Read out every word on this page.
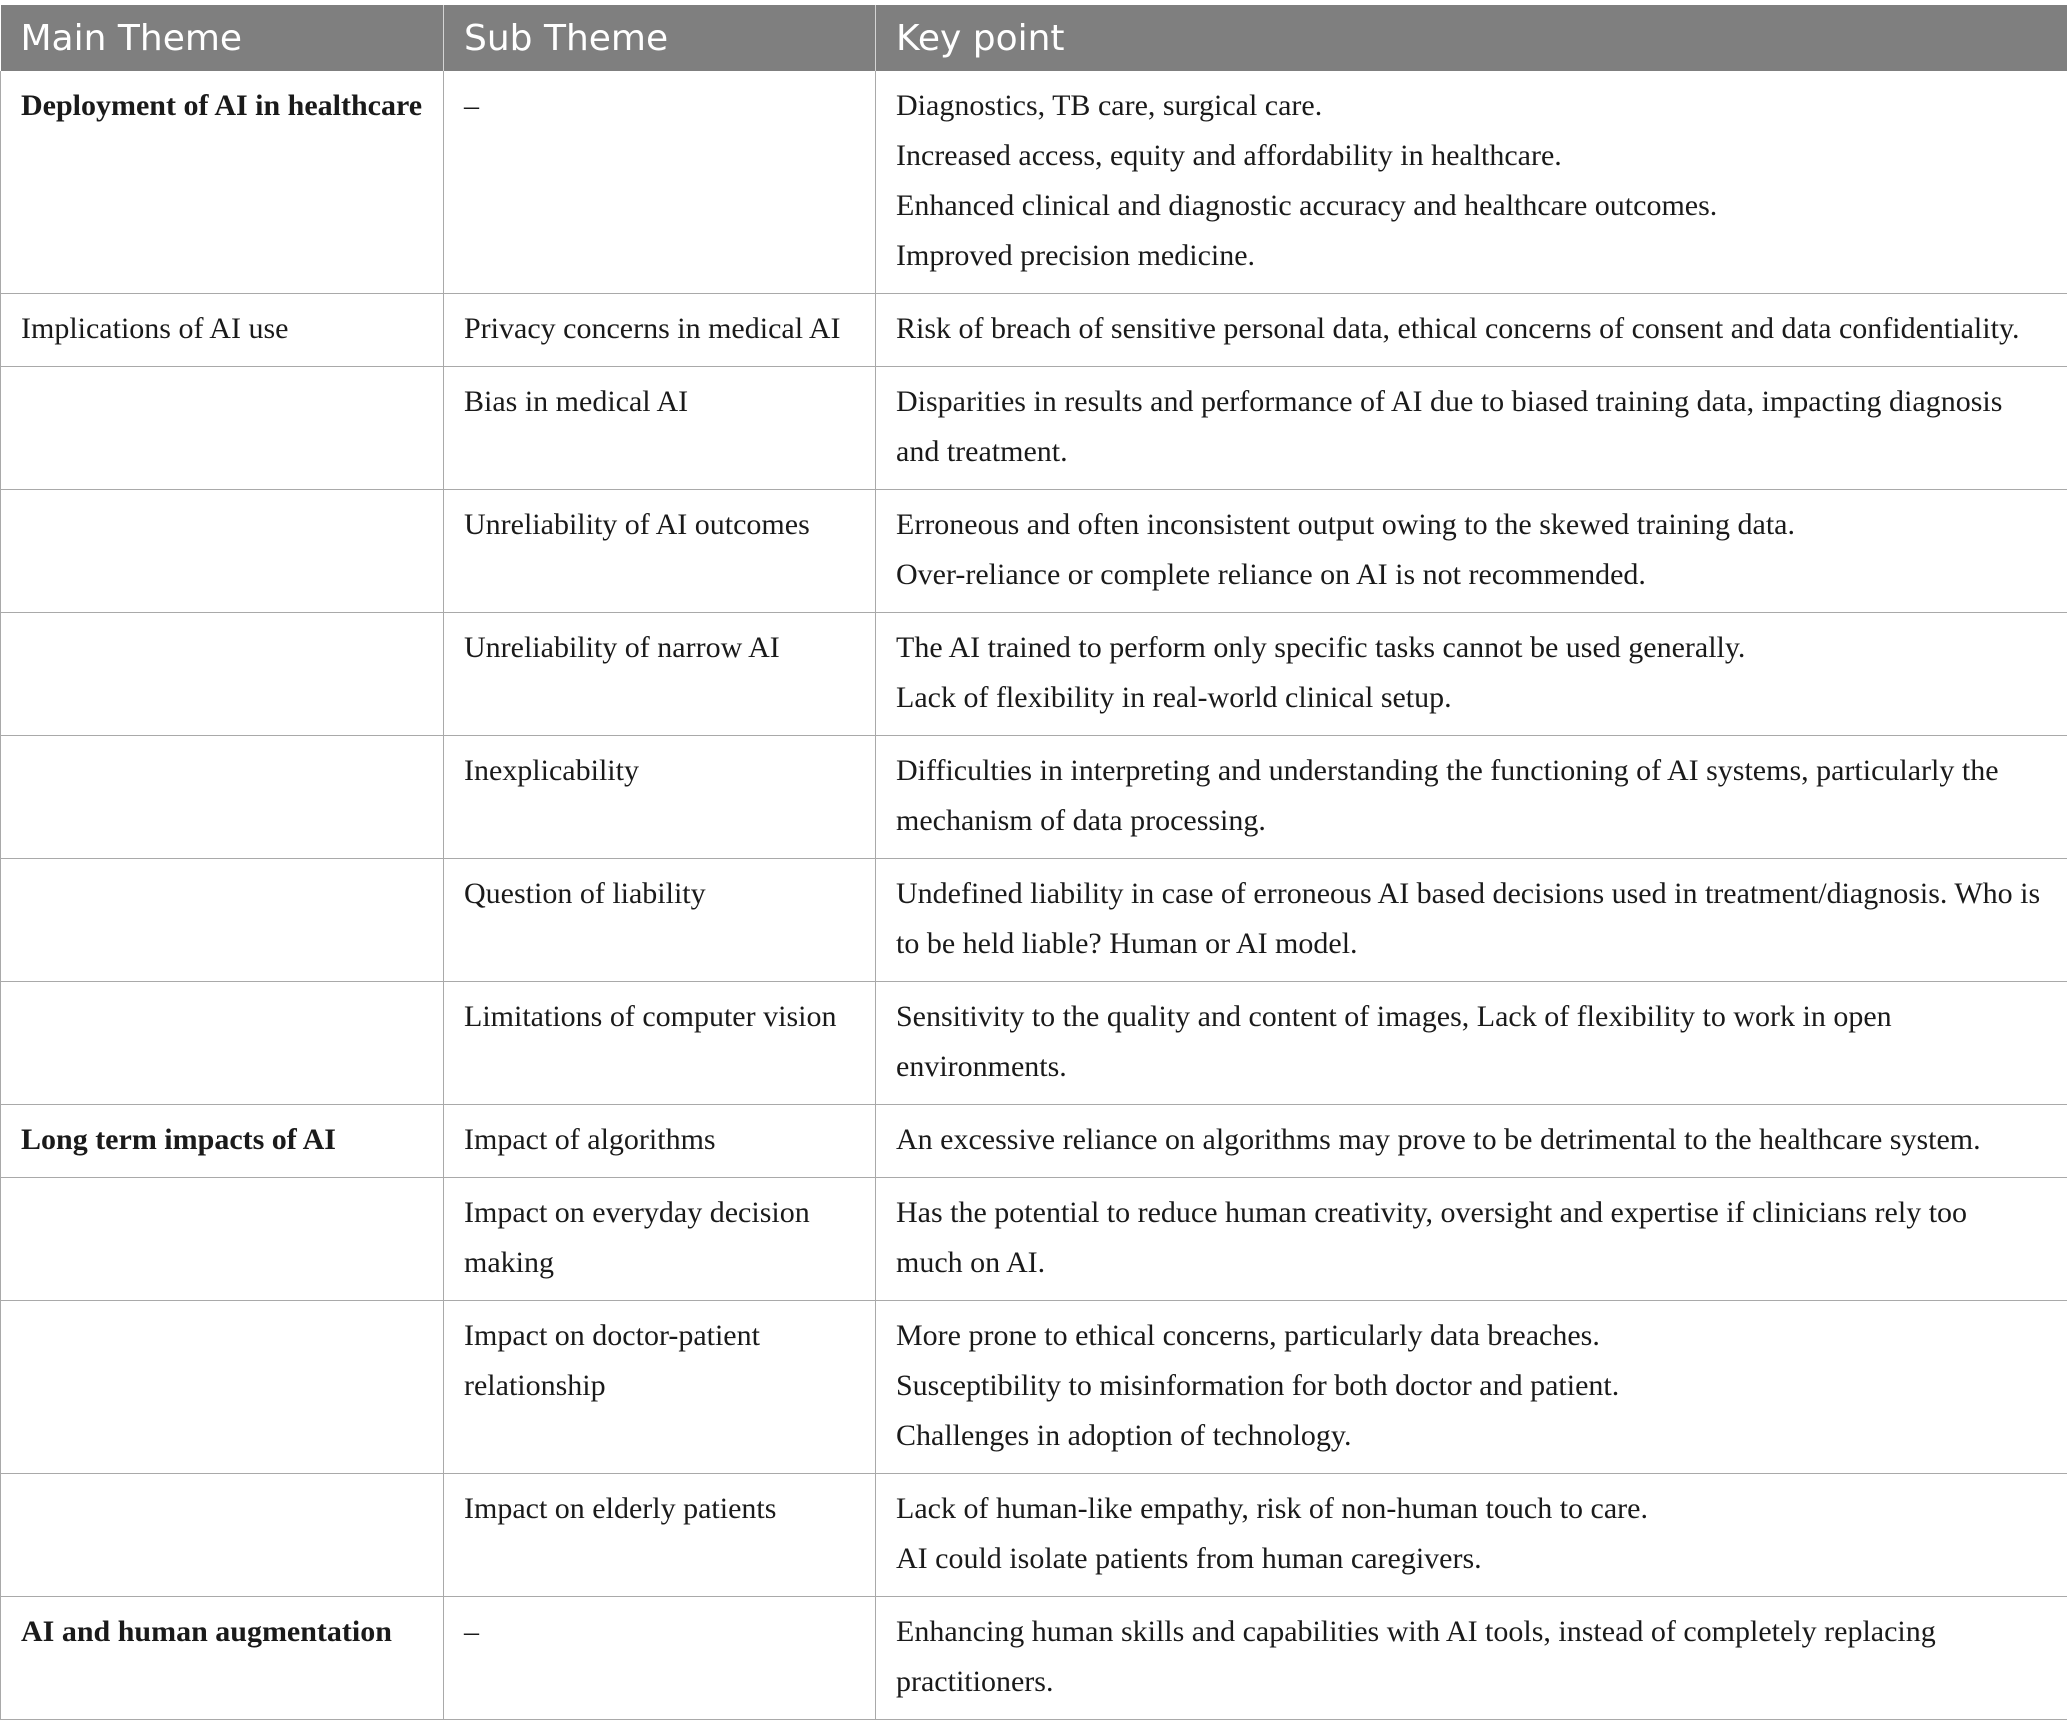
Main Theme	Sub Theme	Key point
Deployment of AI in healthcare	–	Diagnostics, TB care, surgical care.
Increased access, equity and affordability in healthcare.
Enhanced clinical and diagnostic accuracy and healthcare outcomes.
Improved precision medicine.

Implications of AI use	Privacy concerns in medical AI	Risk of breach of sensitive personal data, ethical concerns of consent and data confidentiality.

	Bias in medical AI	Disparities in results and performance of AI due to biased training data, impacting diagnosis and treatment.

	Unreliability of AI outcomes	Erroneous and often inconsistent output owing to the skewed training data.
Over-reliance or complete reliance on AI is not recommended.

	Unreliability of narrow AI	The AI trained to perform only specific tasks cannot be used generally.
Lack of flexibility in real-world clinical setup.

	Inexplicability	Difficulties in interpreting and understanding the functioning of AI systems, particularly the mechanism of data processing.

	Question of liability	Undefined liability in case of erroneous AI based decisions used in treatment/diagnosis. Who is to be held liable? Human or AI model.

	Limitations of computer vision	Sensitivity to the quality and content of images, Lack of flexibility to work in open environments.

Long term impacts of AI	Impact of algorithms	An excessive reliance on algorithms may prove to be detrimental to the healthcare system.

	Impact on everyday decision making	Has the potential to reduce human creativity, oversight and expertise if clinicians rely too much on AI.

	Impact on doctor-patient relationship	More prone to ethical concerns, particularly data breaches.
Susceptibility to misinformation for both doctor and patient.
Challenges in adoption of technology.

	Impact on elderly patients	Lack of human-like empathy, risk of non-human touch to care.
AI could isolate patients from human caregivers.

AI and human augmentation	–	Enhancing human skills and capabilities with AI tools, instead of completely replacing practitioners.
